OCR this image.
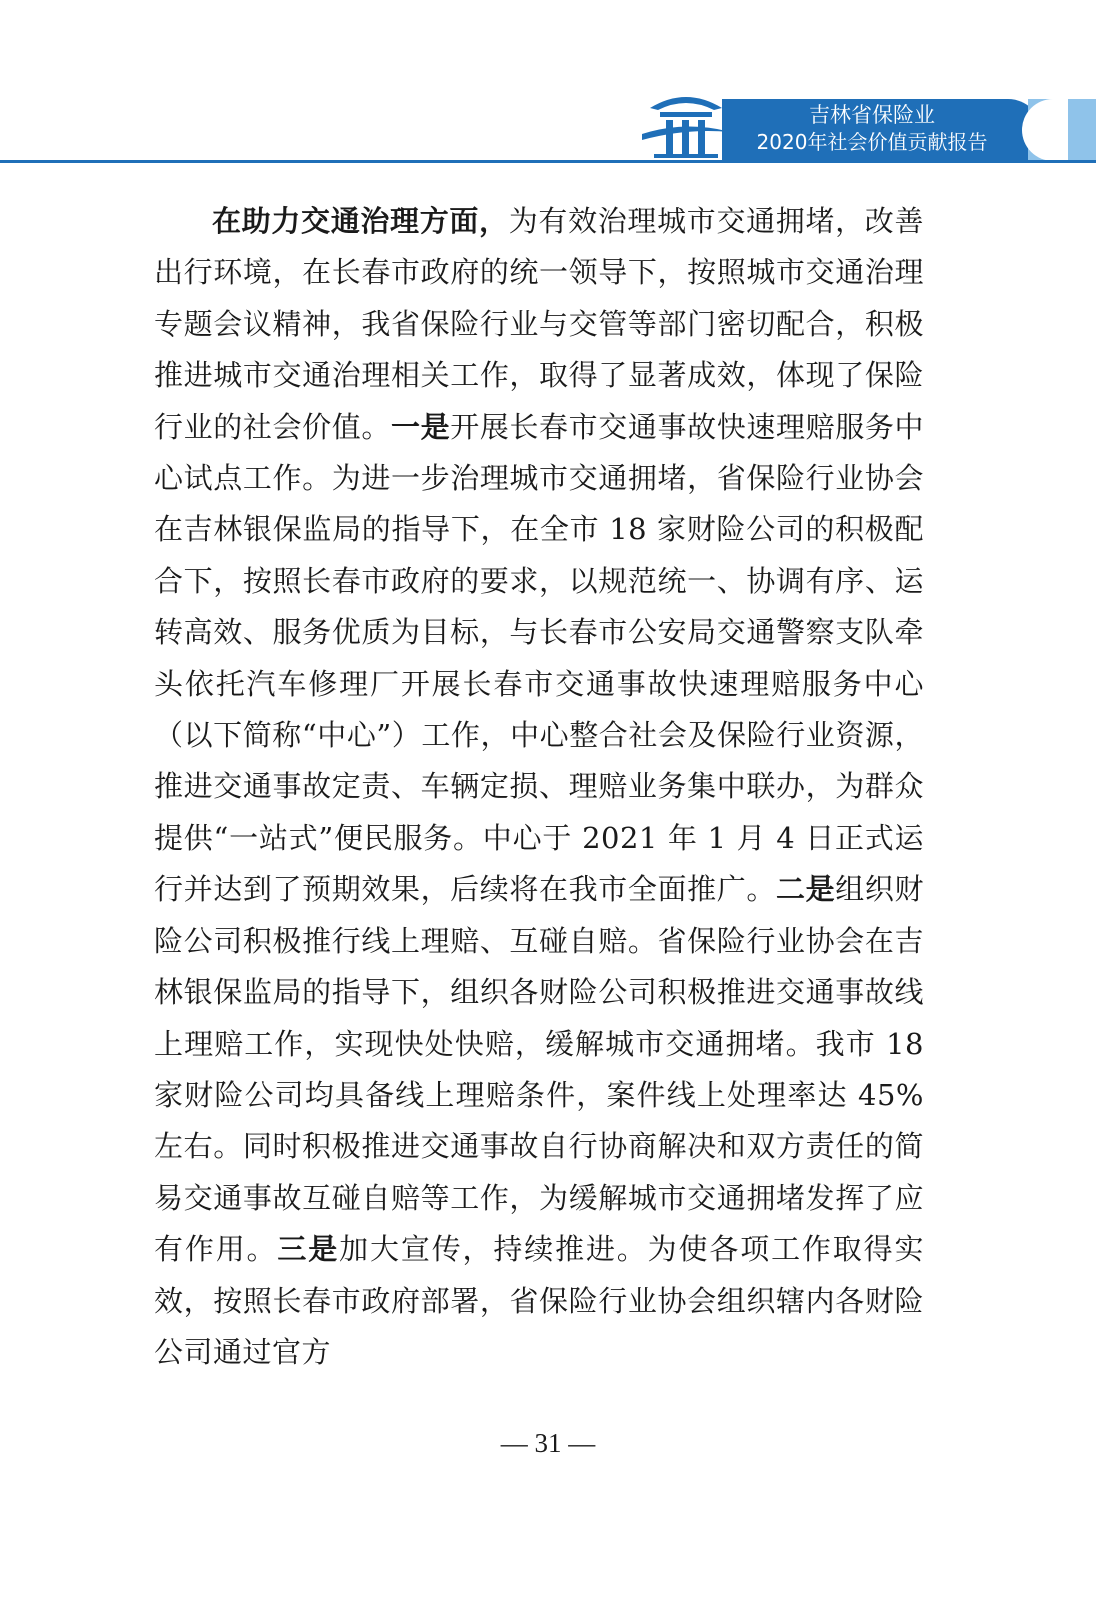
吉林省保险业
2020年社会价值贡献报告

在助力交通治理方面，为有效治理城市交通拥堵，改善出行环境，在长春市政府的统一领导下，按照城市交通治理专题会议精神，我省保险行业与交管等部门密切配合，积极推进城市交通治理相关工作，取得了显著成效，体现了保险行业的社会价值。一是开展长春市交通事故快速理赔服务中心试点工作。为进一步治理城市交通拥堵，省保险行业协会在吉林银保监局的指导下，在全市 18 家财险公司的积极配合下，按照长春市政府的要求，以规范统一、协调有序、运转高效、服务优质为目标，与长春市公安局交通警察支队牵头依托汽车修理厂开展长春市交通事故快速理赔服务中心（以下简称“中心”）工作，中心整合社会及保险行业资源，推进交通事故定责、车辆定损、理赔业务集中联办，为群众提供“一站式”便民服务。中心于 2021 年 1 月 4 日正式运行并达到了预期效果，后续将在我市全面推广。二是组织财险公司积极推行线上理赔、互碰自赔。省保险行业协会在吉林银保监局的指导下，组织各财险公司积极推进交通事故线上理赔工作，实现快处快赔，缓解城市交通拥堵。我市 18 家财险公司均具备线上理赔条件，案件线上处理率达 45%左右。同时积极推进交通事故自行协商解决和双方责任的简易交通事故互碰自赔等工作，为缓解城市交通拥堵发挥了应有作用。三是加大宣传，持续推进。为使各项工作取得实效，按照长春市政府部署，省保险行业协会组织辖内各财险公司通过官方

— 31 —
